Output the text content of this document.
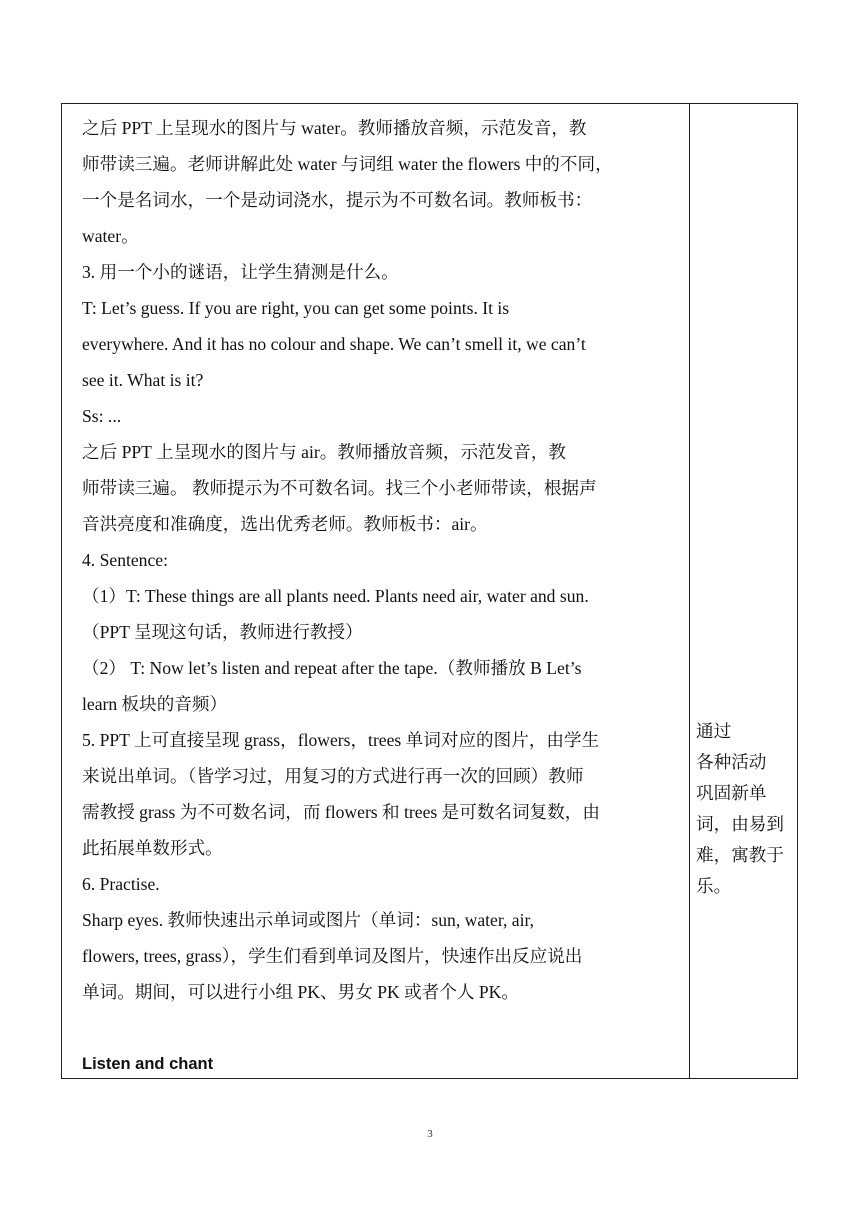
之后 PPT 上呈现水的图片与 water。教师播放音频，示范发音，教

师带读三遍。老师讲解此处 water 与词组 water the flowers 中的不同，

一个是名词水，一个是动词浇水，提示为不可数名词。教师板书：

water。

3. 用一个小的谜语，让学生猜测是什么。

T: Let’s guess. If you are right, you can get some points. It is

everywhere. And it has no colour and shape. We can’t smell it, we can’t

see it. What is it?

Ss: ...

之后 PPT 上呈现水的图片与 air。教师播放音频，示范发音，教

师带读三遍。 教师提示为不可数名词。找三个小老师带读，根据声

音洪亮度和准确度，选出优秀老师。教师板书：air。

4. Sentence:

（1）T: These things are all plants need. Plants need air, water and sun.

（PPT 呈现这句话，教师进行教授）

（2） T: Now let’s listen and repeat after the tape.（教师播放 B Let’s

learn 板块的音频）

5. PPT 上可直接呈现 grass，flowers，trees 单词对应的图片，由学生

来说出单词。（皆学习过，用复习的方式进行再一次的回顾）教师

需教授 grass 为不可数名词，而 flowers 和 trees 是可数名词复数，由

此拓展单数形式。

6. Practise.

Sharp eyes. 教师快速出示单词或图片（单词：sun, water, air,

flowers, trees, grass），学生们看到单词及图片，快速作出反应说出

单词。期间，可以进行小组 PK、男女 PK 或者个人 PK。

Listen and chant

通过

各种活动

巩固新单

词，由易到

难，寓教于

乐。

3
